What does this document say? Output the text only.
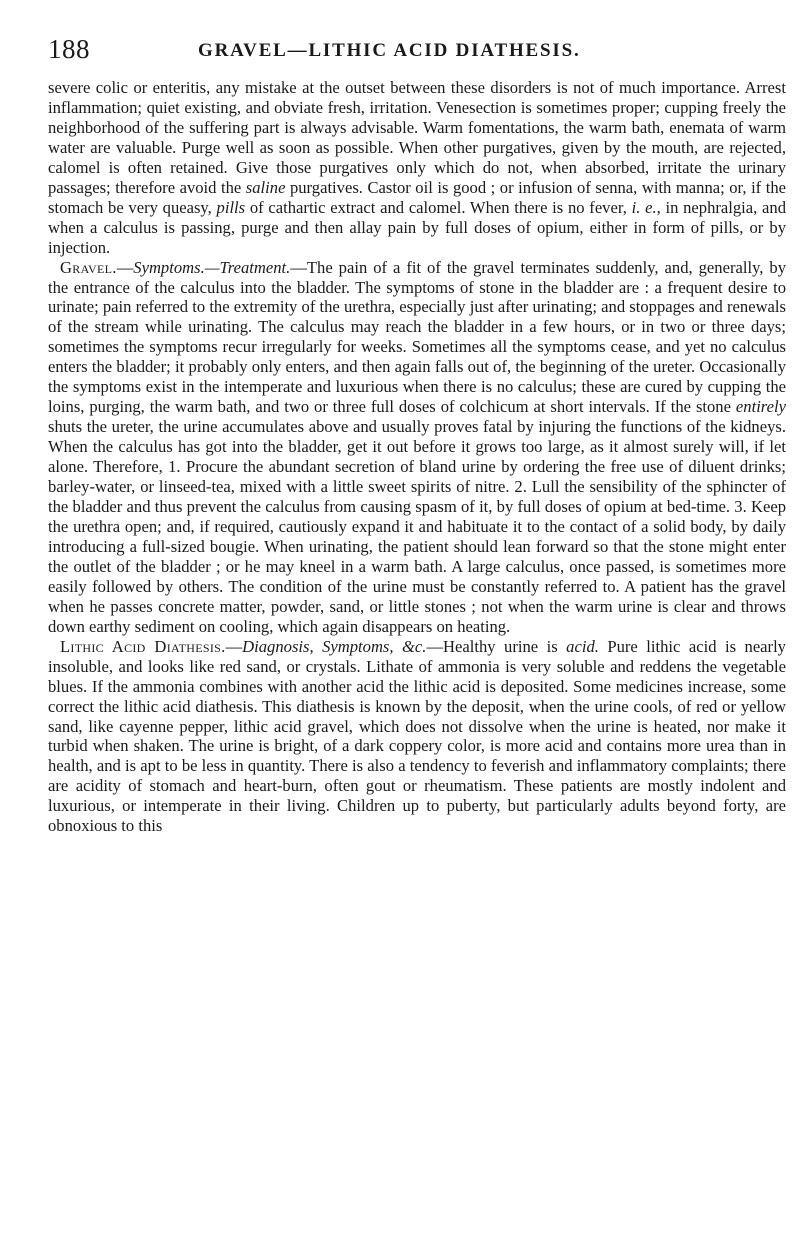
188	GRAVEL—LITHIC ACID DIATHESIS.

severe colic or enteritis, any mistake at the outset between these disorders is not of much importance. Arrest inflammation; quiet existing, and obviate fresh, irritation. Venesection is sometimes proper; cupping freely the neighborhood of the suffering part is always advisable. Warm fomentations, the warm bath, enemata of warm water are valuable. Purge well as soon as possible. When other purgatives, given by the mouth, are rejected, calomel is often retained. Give those purgatives only which do not, when absorbed, irritate the urinary passages; therefore avoid the saline purgatives. Castor oil is good ; or infusion of senna, with manna; or, if the stomach be very queasy, pills of cathartic extract and calomel. When there is no fever, i. e., in nephralgia, and when a calculus is passing, purge and then allay pain by full doses of opium, either in form of pills, or by injection.

Gravel.—Symptoms.—Treatment.—The pain of a fit of the gravel terminates suddenly, and, generally, by the entrance of the calculus into the bladder. The symptoms of stone in the bladder are : a frequent desire to urinate; pain referred to the extremity of the urethra, especially just after urinating; and stoppages and renewals of the stream while urinating. The calculus may reach the bladder in a few hours, or in two or three days; sometimes the symptoms recur irregularly for weeks. Sometimes all the symptoms cease, and yet no calculus enters the bladder; it probably only enters, and then again falls out of, the beginning of the ureter. Occasionally the symptoms exist in the intemperate and luxurious when there is no calculus; these are cured by cupping the loins, purging, the warm bath, and two or three full doses of colchicum at short intervals. If the stone entirely shuts the ureter, the urine accumulates above and usually proves fatal by injuring the functions of the kidneys. When the calculus has got into the bladder, get it out before it grows too large, as it almost surely will, if let alone. Therefore, 1. Procure the abundant secretion of bland urine by ordering the free use of diluent drinks; barley-water, or linseed-tea, mixed with a little sweet spirits of nitre. 2. Lull the sensibility of the sphincter of the bladder and thus prevent the calculus from causing spasm of it, by full doses of opium at bed-time. 3. Keep the urethra open; and, if required, cautiously expand it and habituate it to the contact of a solid body, by daily introducing a full-sized bougie. When urinating, the patient should lean forward so that the stone might enter the outlet of the bladder ; or he may kneel in a warm bath. A large calculus, once passed, is sometimes more easily followed by others. The condition of the urine must be constantly referred to. A patient has the gravel when he passes concrete matter, powder, sand, or little stones ; not when the warm urine is clear and throws down earthy sediment on cooling, which again disappears on heating.

Lithic Acid Diathesis.—Diagnosis, Symptoms, &c.—Healthy urine is acid. Pure lithic acid is nearly insoluble, and looks like red sand, or crystals. Lithate of ammonia is very soluble and reddens the vegetable blues. If the ammonia combines with another acid the lithic acid is deposited. Some medicines increase, some correct the lithic acid diathesis. This diathesis is known by the deposit, when the urine cools, of red or yellow sand, like cayenne pepper, lithic acid gravel, which does not dissolve when the urine is heated, nor make it turbid when shaken. The urine is bright, of a dark coppery color, is more acid and contains more urea than in health, and is apt to be less in quantity. There is also a tendency to feverish and inflammatory complaints; there are acidity of stomach and heart-burn, often gout or rheumatism. These patients are mostly indolent and luxurious, or intemperate in their living. Children up to puberty, but particularly adults beyond forty, are obnoxious to this
